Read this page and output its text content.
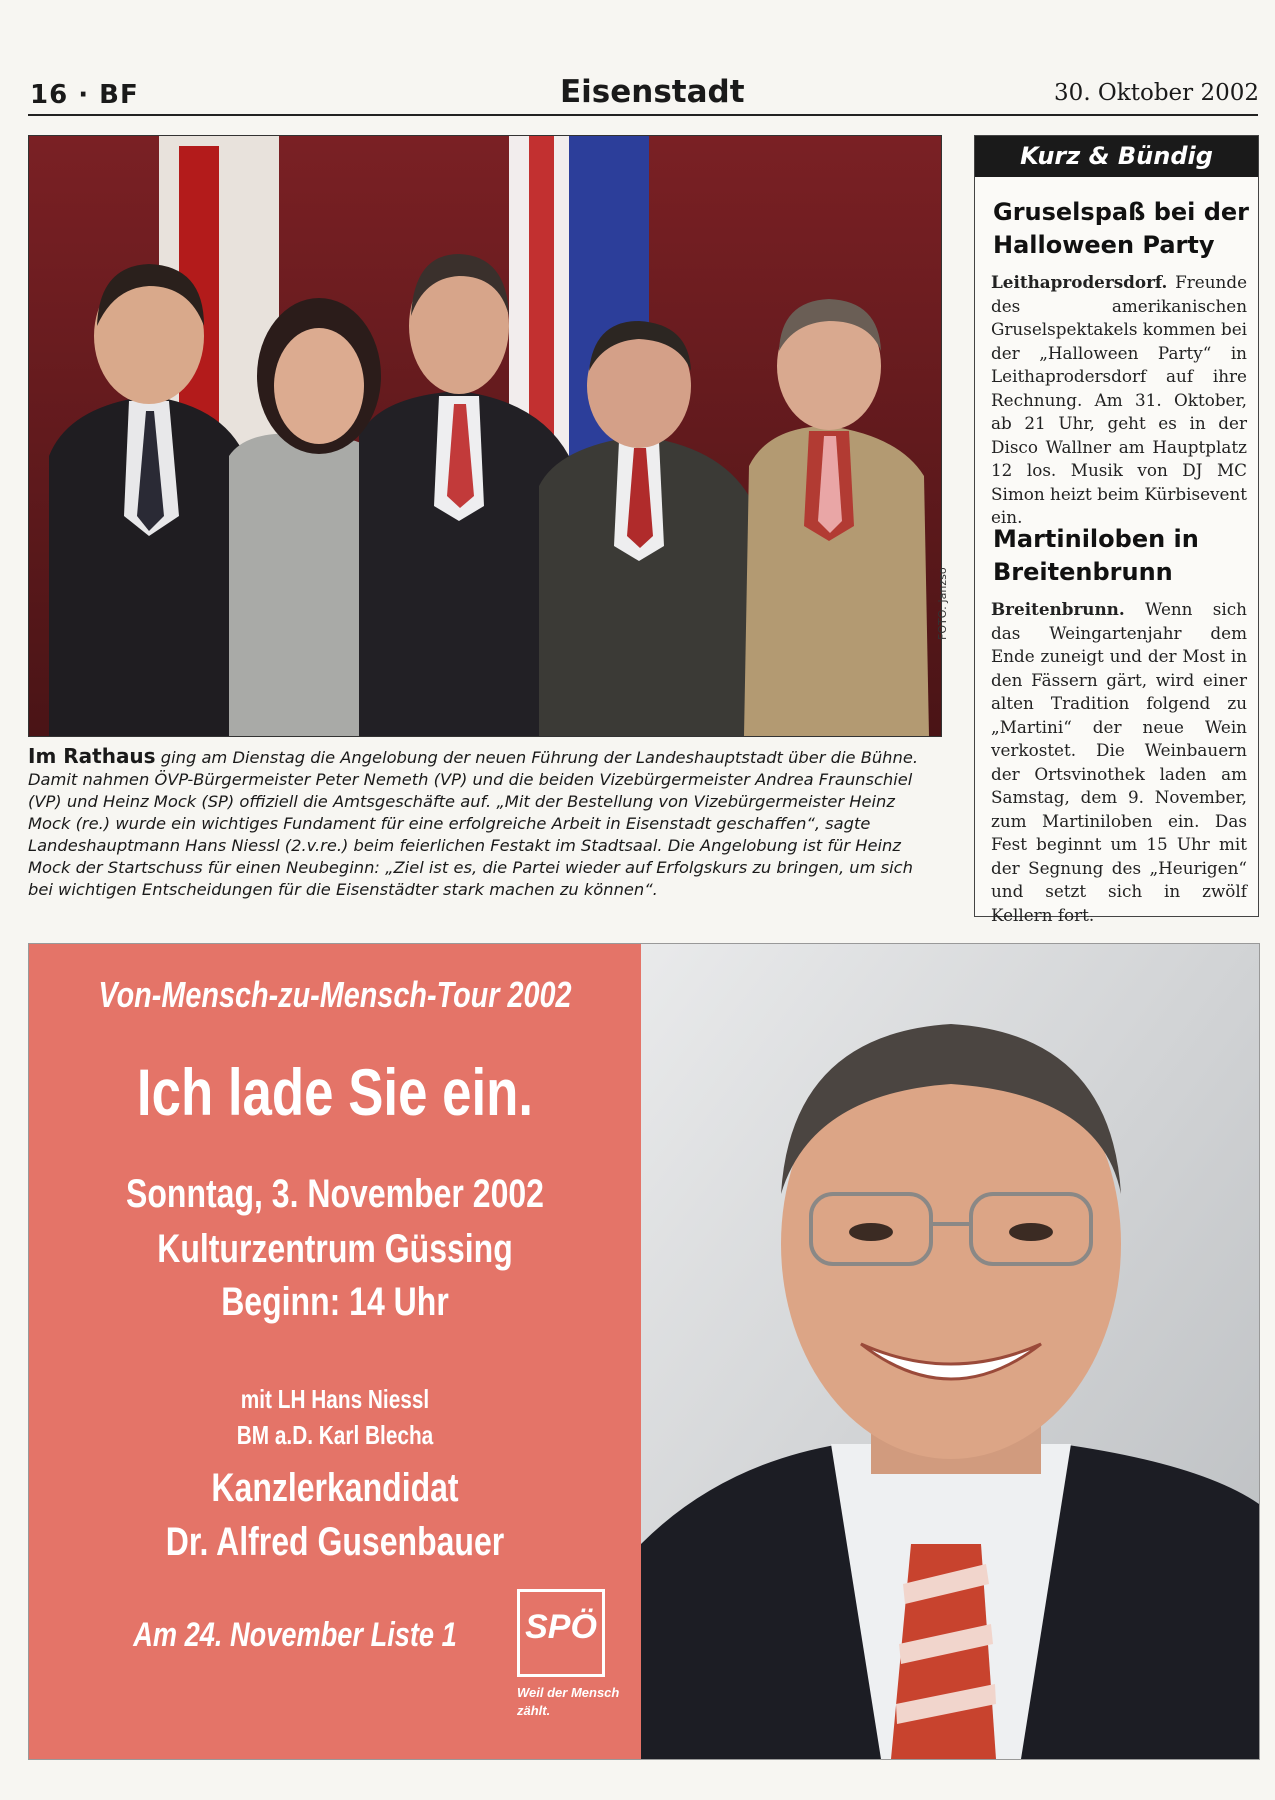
16 · BF	Eisenstadt	30. Oktober 2002
FOTO: Janzso
Im Rathaus ging am Dienstag die Angelobung der neuen Führung der Landeshauptstadt über die Bühne. Damit nahmen ÖVP-Bürgermeister Peter Nemeth (VP) und die beiden Vizebürgermeister Andrea Fraunschiel (VP) und Heinz Mock (SP) offiziell die Amtsgeschäfte auf. „Mit der Bestellung von Vizebürgermeister Heinz Mock (re.) wurde ein wichtiges Fundament für eine erfolgreiche Arbeit in Eisenstadt geschaffen“, sagte Landeshauptmann Hans Niessl (2.v.re.) beim feierlichen Festakt im Stadtsaal. Die Angelobung ist für Heinz Mock der Startschuss für einen Neubeginn: „Ziel ist es, die Partei wieder auf Erfolgskurs zu bringen, um sich bei wichtigen Entscheidungen für die Eisenstädter stark machen zu können“.
Kurz & Bündig
Gruselspaß bei der Halloween Party
Leithaprodersdorf. Freunde des amerikanischen Gruselspektakels kommen bei der „Halloween Party“ in Leithaprodersdorf auf ihre Rechnung. Am 31. Oktober, ab 21 Uhr, geht es in der Disco Wallner am Hauptplatz 12 los. Musik von DJ MC Simon heizt beim Kürbisevent ein.
Martiniloben in Breitenbrunn
Breitenbrunn. Wenn sich das Weingartenjahr dem Ende zuneigt und der Most in den Fässern gärt, wird einer alten Tradition folgend zu „Martini“ der neue Wein verkostet. Die Weinbauern der Ortsvinothek laden am Samstag, dem 9. November, zum Martiniloben ein. Das Fest beginnt um 15 Uhr mit der Segnung des „Heurigen“ und setzt sich in zwölf Kellern fort.
Von-Mensch-zu-Mensch-Tour 2002
Ich lade Sie ein.
Sonntag, 3. November 2002
Kulturzentrum Güssing
Beginn: 14 Uhr
mit LH Hans Niessl
BM a.D. Karl Blecha
Kanzlerkandidat
Dr. Alfred Gusenbauer
Am 24. November Liste 1	SPÖ
Weil der Mensch zählt.
